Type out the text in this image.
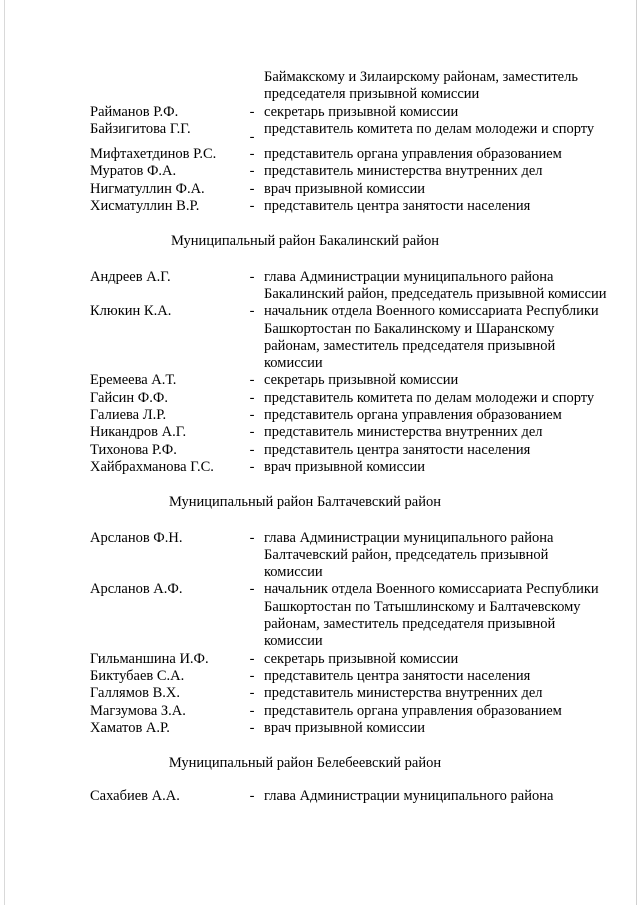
Баймакскому и Зилаирскому районам, заместитель
председателя призывной комиссии
Райманов Р.Ф.	- секретарь призывной комиссии
Байзигитова Г.Г.	- представитель комитета по делам молодежи и спорту
Мифтахетдинов Р.С.	- представитель органа управления образованием
Муратов Ф.А.	- представитель министерства внутренних дел
Нигматуллин Ф.А.	- врач призывной комиссии
Хисматуллин В.Р.	- представитель центра занятости населения
Муниципальный район Бакалинский район
Андреев А.Г.	- глава Администрации муниципального района Бакалинский район, председатель призывной комиссии
Клюкин К.А.	- начальник отдела Военного комиссариата Республики Башкортостан по Бакалинскому и Шаранскому районам, заместитель председателя призывной комиссии
Еремеева А.Т.	- секретарь призывной комиссии
Гайсин Ф.Ф.	- представитель комитета по делам молодежи и спорту
Галиева Л.Р.	- представитель органа управления образованием
Никандров А.Г.	- представитель министерства внутренних дел
Тихонова Р.Ф.	- представитель центра занятости населения
Хайбрахманова Г.С.	- врач призывной комиссии
Муниципальный район Балтачевский район
Арсланов Ф.Н.	- глава Администрации муниципального района Балтачевский район, председатель призывной комиссии
Арсланов А.Ф.	- начальник отдела Военного комиссариата Республики Башкортостан по Татышлинскому и Балтачевскому районам, заместитель председателя призывной комиссии
Гильманшина И.Ф.	- секретарь призывной комиссии
Биктубаев С.А.	- представитель центра занятости населения
Галлямов В.Х.	- представитель министерства внутренних дел
Магзумова З.А.	- представитель органа управления образованием
Хаматов А.Р.	- врач призывной комиссии
Муниципальный район Белебеевский район
Сахабиев А.А.	- глава Администрации муниципального района
